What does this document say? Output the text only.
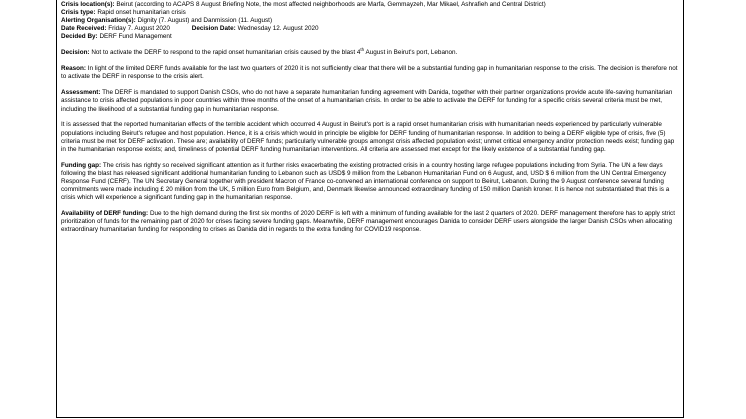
Crisis location(s): Beirut (according to ACAPS 8 August Briefing Note, the most affected neighborhoods are Marfa, Gemmayzeh, Mar Mikael, Ashrafieh and Central District)
Crisis type: Rapid onset humanitarian crisis
Alerting Organisation(s): Dignity (7. August) and Danmission (11. August)
Date Received: Friday 7. August 2020	Decision Date: Wednesday 12. August 2020
Decided By: DERF Fund Management

Decision: Not to activate the DERF to respond to the rapid onset humanitarian crisis caused by the blast 4th August in Beirut's port, Lebanon.

Reason: In light of the limited DERF funds available for the last two quarters of 2020 it is not sufficiently clear that there will be a substantial funding gap in humanitarian response to the crisis. The decision is therefore not to activate the DERF in response to the crisis alert.

Assessment: The DERF is mandated to support Danish CSOs, who do not have a separate humanitarian funding agreement with Danida, together with their partner organizations provide acute life-saving humanitarian assistance to crisis affected populations in poor countries within three months of the onset of a humanitarian crisis. In order to be able to activate the DERF for funding for a specific crisis several criteria must be met, including the likelihood of a substantial funding gap in humanitarian response.

It is assessed that the reported humanitarian effects of the terrible accident which occurred 4 August in Beirut's port is a rapid onset humanitarian crisis with humanitarian needs experienced by particularly vulnerable populations including Beirut's refugee and host population. Hence, it is a crisis which would in principle be eligible for DERF funding of humanitarian response. In addition to being a DERF eligible type of crisis, five (5) criteria must be met for DERF activation. These are; availability of DERF funds; particularly vulnerable groups amongst crisis affected population exist; unmet critical emergency and/or protection needs exist; funding gap in the humanitarian response exists; and, timeliness of potential DERF funding humanitarian interventions. All criteria are assessed met except for the likely existence of a substantial funding gap.

Funding gap: The crisis has rightly so received significant attention as it further risks exacerbating the existing protracted crisis in a country hosting large refugee populations including from Syria. The UN a few days following the blast has released significant additional humanitarian funding to Lebanon such as USD$ 9 million from the Lebanon Humanitarian Fund on 6 August, and, USD $ 6 million from the UN Central Emergency Response Fund (CERF). The UN Secretary General together with president Macron of France co-convened an international conference on support to Beirut, Lebanon. During the 9 August conference several funding commitments were made including £ 20 million from the UK, 5 million Euro from Belgium, and, Denmark likewise announced extraordinary funding of 150 million Danish kroner. It is hence not substantiated that this is a crisis which will experience a significant funding gap in the humanitarian response.

Availability of DERF funding: Due to the high demand during the first six months of 2020 DERF is left with a minimum of funding available for the last 2 quarters of 2020. DERF management therefore has to apply strict prioritization of funds for the remaining part of 2020 for crises facing severe funding gaps. Meanwhile, DERF management encourages Danida to consider DERF users alongside the larger Danish CSOs when allocating extraordinary humanitarian funding for responding to crises as Danida did in regards to the extra funding for COVID19 response.
